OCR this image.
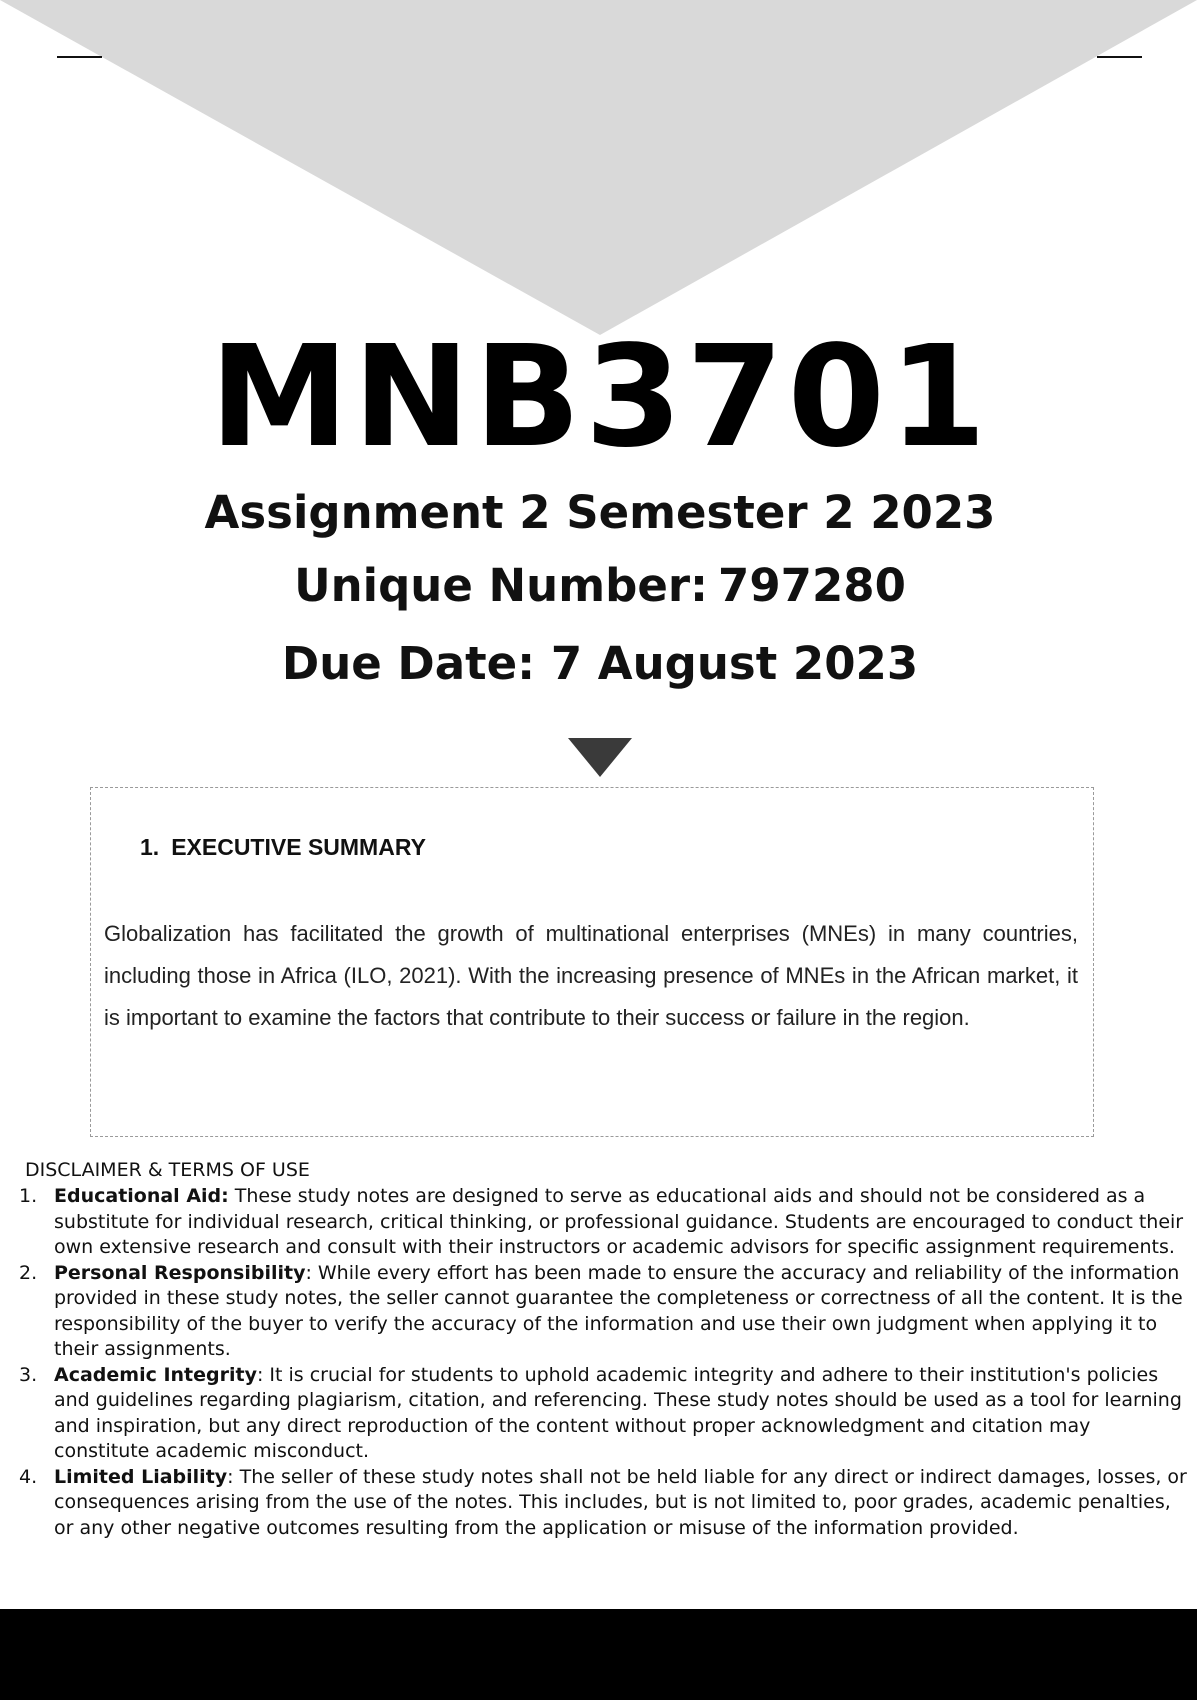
MNB3701
Assignment 2 Semester 2 2023
Unique Number: 797280
Due Date: 7 August 2023
1. EXECUTIVE SUMMARY

Globalization has facilitated the growth of multinational enterprises (MNEs) in many countries, including those in Africa (ILO, 2021). With the increasing presence of MNEs in the African market, it is important to examine the factors that contribute to their success or failure in the region.

DISCLAIMER & TERMS OF USE
1. Educational Aid: These study notes are designed to serve as educational aids and should not be considered as a substitute for individual research, critical thinking, or professional guidance. Students are encouraged to conduct their own extensive research and consult with their instructors or academic advisors for specific assignment requirements.
2. Personal Responsibility: While every effort has been made to ensure the accuracy and reliability of the information provided in these study notes, the seller cannot guarantee the completeness or correctness of all the content. It is the responsibility of the buyer to verify the accuracy of the information and use their own judgment when applying it to their assignments.
3. Academic Integrity: It is crucial for students to uphold academic integrity and adhere to their institution's policies and guidelines regarding plagiarism, citation, and referencing. These study notes should be used as a tool for learning and inspiration, but any direct reproduction of the content without proper acknowledgment and citation may constitute academic misconduct.
4. Limited Liability: The seller of these study notes shall not be held liable for any direct or indirect damages, losses, or consequences arising from the use of the notes. This includes, but is not limited to, poor grades, academic penalties, or any other negative outcomes resulting from the application or misuse of the information provided.
